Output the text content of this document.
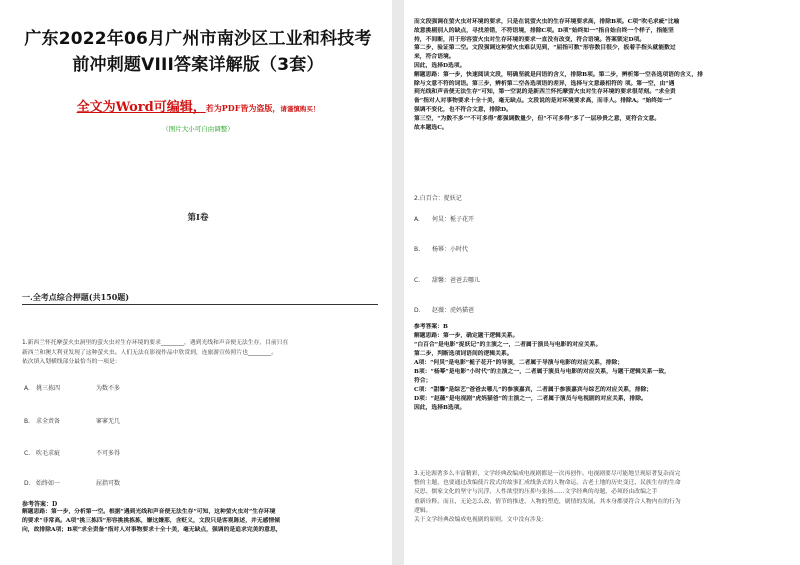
广东2022年06月广州市南沙区工业和科技考
前冲刺题VIII答案详解版（3套）
全文为Word可编辑，若为PDF皆为盗版，请谨慎购买！
（图片大小可自由调整）
第Ⅰ卷
一.全考点综合押题(共150题)
1.新西兰怀托摩萤火虫洞里的萤火虫对生存环境的要求________，遇到光线和声音便无法生存，目前只在
新西兰和澳大利亚发现了这种萤火虫。人们无法在影视作品中欣赏到，连旅游宣传照片也________。
依次填入划横线部分最恰当的一项是：
A. 挑三拣四	为数不多
B. 求全责备	寥寥无几
C. 吹毛求疵	不可多得
D. 始终如一	屈指可数
参考答案：D
解题思路：第一步，分析第一空。根据“遇到光线和声音便无法生存”可知，这种萤火虫对“生存环境
的要求”非常高。A项“挑三拣四”形容挑挑拣拣，嫌这嫌那，含贬义，文段只是客观陈述，并无感情倾
向，故排除A项；B项“求全责备”指对人对事物要求十全十美，毫无缺点，强调的是追求完美的意思，
而文段强调在萤火虫对环境的要求，只是在说萤火虫的生存环境要求高，排除B项。C项“吹毛求疵”比喻
故意挑剔别人的缺点，寻找差错，不符语境，排除C项。D项“始终如一”指自始自终一个样子，指能坚
持，不间断，用于形容萤火虫对生存环境的要求一直没有改变，符合语境。答案锁定D项。
第二步，验证第二空。文段强调这种萤火虫难以见到，“屈指可数”形容数目很少，扳着手指头就能数过
来，符合语境。
因此，选择D选项。
解题思路：第一步，快速阅读文段，明确坚就是问语的含义，排除B项。第二步，辨析第一空各选项语的含义，排
除与文意不符的词语。第三步，辨析第二空各选项语的差异，选择与文意最相符的 项。第一空，由“遇
到光线和声音便无法生存”可知，第一空说的是新西兰怀托摩萤火虫对生存环境的要求很苛刻。“求全责
备”指对人对事物要求十全十美，毫无缺点。文段说的是对环境要求高，而非人。排除A。“始终如一”
强调不变化，也不符合文意，排除D。
第三空，“为数不多”“不可多得”都强调数量少，但“不可多得”多了一层珍贵之意，更符合文意。
故本题选C。
2.白百合：捉妖记
A. 何炅：栀子花开
B. 杨幂：小时代
C. 甜馨：爸爸去哪儿
D. 赵薇：虎妈猫爸
参考答案：B
解题思路：第一步，确定题干逻辑关系。
“白百合”是电影“捉妖记”的主演之一，二者属于演员与电影的对应关系。
第二步，判断选项词语间的逻辑关系。
A项：“何炅”是电影“栀子花开”的导演，二者属于导演与电影的对应关系，排除；
B项：“杨幂”是电影“小时代”的主演之一，二者属于演员与电影的对应关系，与题干逻辑关系一致，
符合；
C项：“甜馨”是综艺“爸爸去哪儿”的参演嘉宾，二者属于参演嘉宾与综艺的对应关系，排除；
D项：“赵薇”是电视剧“虎妈猫爸”的主演之一，二者属于演员与电视剧的对应关系，排除。
因此，选择B选项。
3.无论源著多么丰富精彩，文学经典改编成电视剧都是一次再创作。电视剧要尽可能地呈现原著复杂而完
整的主题，也要通过改编使片段式的故事汇成线条式的人物命运。古老土地的历史变迁、民族生存的生命
反思、儒家文化的坚守与沉浮、人性欲望的压抑与张扬……文学经典的母题，必须经由改编之手
重新诠释。而且，无论怎么改，情节的推进、人物的塑造，剧情的发展，其本身都要符合人物内在的行为
逻辑。
关于文学经典改编成电视剧的原则，文中没有涉及：
